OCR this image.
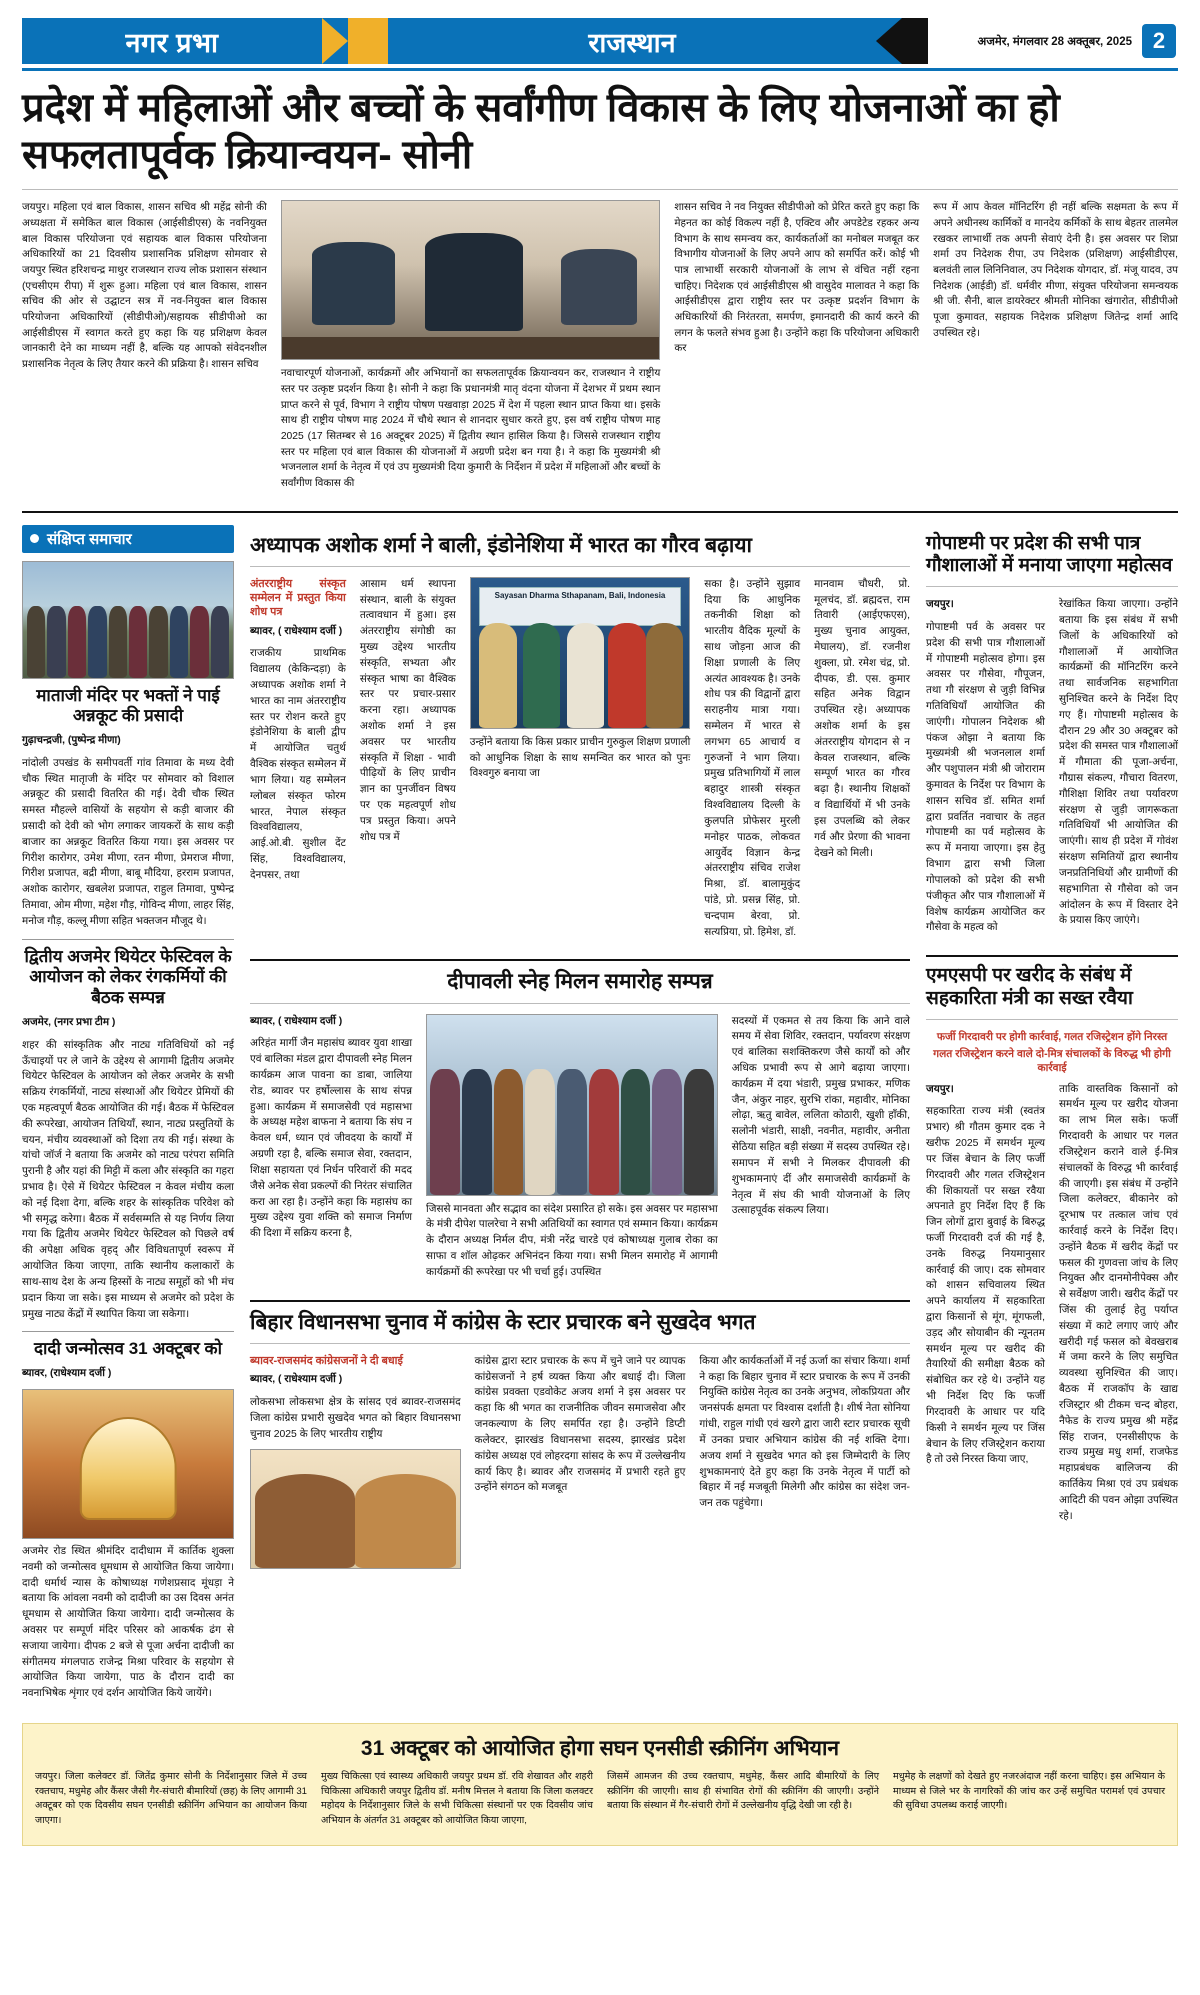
नगर प्रभा	राजस्थान	अजमेर, मंगलवार 28 अक्तूबर, 2025 2
प्रदेश में महिलाओं और बच्चों के सर्वांगीण विकास के लिए योजनाओं का हो सफलतापूर्वक क्रियान्वयन- सोनी

जयपुर। महिला एवं बाल विकास, शासन सचिव श्री महेंद्र सोनी की अध्यक्षता में समेकित बाल विकास (आईसीडीएस) के नवनियुक्त बाल विकास परियोजना एवं सहायक बाल विकास परियोजना अधिकारियों का 21 दिवसीय प्रशासनिक प्रशिक्षण सोमवार से जयपुर स्थित हरिशचन्द्र माथुर राजस्थान राज्य लोक प्रशासन संस्थान (एचसीएम रीपा) में शुरू हुआ। महिला एवं बाल विकास, शासन सचिव की ओर से उद्घाटन सत्र में नव-नियुक्त बाल विकास परियोजना अधिकारियों (सीडीपीओ)/सहायक सीडीपीओ का आईसीडीएस में स्वागत करते हुए कहा कि यह प्रशिक्षण केवल जानकारी देने का माध्यम नहीं है, बल्कि यह आपको संवेदनशील प्रशासनिक नेतृत्व के लिए तैयार करने की प्रक्रिया है। शासन सचिव

नवाचारपूर्ण योजनाओं, कार्यक्रमों और अभियानों का सफलतापूर्वक क्रियान्वयन कर, राजस्थान ने राष्ट्रीय स्तर पर उत्कृष्ट प्रदर्शन किया है। सोनी ने कहा कि प्रधानमंत्री मातृ वंदना योजना में देशभर में प्रथम स्थान प्राप्त करने से पूर्व, विभाग ने राष्ट्रीय पोषण पखवाड़ा 2025 में देश में पहला स्थान प्राप्त किया था। इसके साथ ही राष्ट्रीय पोषण माह 2024 में चौथे स्थान से शानदार सुधार करते हुए, इस वर्ष राष्ट्रीय पोषण माह 2025 (17 सितम्बर से 16 अक्टूबर 2025) में द्वितीय स्थान हासिल किया है। जिससे राजस्थान राष्ट्रीय स्तर पर महिला एवं बाल विकास की योजनाओं में अग्रणी प्रदेश बन गया है। ने कहा कि मुख्यमंत्री श्री भजनलाल शर्मा के नेतृत्व में एवं उप मुख्यमंत्री दिया कुमारी के निर्देशन में प्रदेश में महिलाओं और बच्चों के सर्वांगीण विकास की

शासन सचिव ने नव नियुक्त सीडीपीओ को प्रेरित करते हुए कहा कि मेहनत का कोई विकल्प नहीं है, एक्टिव और अपडेटेड रहकर अन्य विभाग के साथ समन्वय कर, कार्यकर्ताओं का मनोबल मजबूत कर विभागीय योजनाओं के लिए अपने आप को समर्पित करें। कोई भी पात्र लाभार्थी सरकारी योजनाओं के लाभ से वंचित नहीं रहना चाहिए। निदेशक एवं आईसीडीएस श्री वासुदेव मालावत ने कहा कि आईसीडीएस द्वारा राष्ट्रीय स्तर पर उत्कृष्ट प्रदर्शन विभाग के अधिकारियों की निरंतरता, समर्पण, इमानदारी की कार्य करने की लगन के फलते संभव हुआ है। उन्होंने कहा कि परियोजना अधिकारी कर

रूप में आप केवल मॉनिटरिंग ही नहीं बल्कि सक्षमता के रूप में अपने अधीनस्थ कार्मिकों व मानदेय कर्मिकों के साथ बेहतर तालमेल रखकर लाभार्थी तक अपनी सेवाएं देनी है। इस अवसर पर शिप्रा शर्मा उप निदेशक रीपा, उप निदेशक (प्रशिक्षण) आईसीडीएस, बलवंती लाल लिनिनिवाल, उप निदेशक योगदार, डॉ. मंजू यादव, उप निदेशक (आईडी) डॉ. धर्मवीर मीणा, संयुक्त परियोजना समन्वयक श्री जी. सैनी, बाल डायरेक्टर श्रीमती मोनिका खंगारोत, सीडीपीओ पूजा कुमावत, सहायक निदेशक प्रशिक्षण जितेन्द्र शर्मा आदि उपस्थित रहे।

संक्षिप्त समाचार
माताजी मंदिर पर भक्तों ने पाई अन्नकूट की प्रसादी

गुढ़ाचन्द्रजी, (पुष्पेन्द्र मीणा)

नांदोली उपखंड के समीपवर्ती गांव तिमावा के मध्य देवी चौक स्थित मातृाजी के मंदिर पर सोमवार को विशाल अन्नकूट की प्रसादी वितरित की गई। देवी चौक स्थित समस्त मौहल्ले वासियों के सहयोग से कड़ी बाजार की प्रसादी को देवी को भोग लगाकर जायकरों के साथ कड़ी बाजार का अन्नकूट वितरित किया गया। इस अवसर पर गिरीश कारोगर, उमेश मीणा, रतन मीणा, प्रेमराज मीणा, गिरीश प्रजापत, बद्री मीणा, बाबू मौदिया, हरराम प्रजापत, अशोक कारोगर, खबलेश प्रजापत, राहुल तिमावा, पुष्पेन्द्र तिमावा, ओम मीणा, महेश गौड़, गोविन्द मीणा, लाहर सिंह, मनोज गौड़, कल्लू मीणा सहित भक्तजन मौजूद थे।

द्वितीय अजमेर थियेटर फेस्टिवल के आयोजन को लेकर रंगकर्मियों की बैठक सम्पन्न

अजमेर, (नगर प्रभा टीम )

शहर की सांस्कृतिक और नाट्य गतिविधियों को नई ऊँचाइयों पर ले जाने के उद्देश्य से आगामी द्वितीय अजमेर थियेटर फेस्टिवल के आयोजन को लेकर अजमेर के सभी सक्रिय रंगकर्मियों, नाट्य संस्थाओं और थियेटर प्रेमियों की एक महत्वपूर्ण बैठक आयोजित की गई। बैठक में फेस्टिवल की रूपरेखा, आयोजन तिथियाँ, स्थान, नाट्य प्रस्तुतियों के चयन, मंचीय व्यवस्थाओं को दिशा तय की गई। संस्था के यांचो जॉर्ज ने बताया कि अजमेर को नाट्य परंपरा समिति पुरानी है और यहां की मिट्टी में कला और संस्कृति का गहरा प्रभाव है। ऐसे में थियेटर फेस्टिवल न केवल मंचीय कला को नई दिशा देगा, बल्कि शहर के सांस्कृतिक परिवेश को भी समृद्ध करेगा। बैठक में सर्वसम्मति से यह निर्णय लिया गया कि द्वितीय अजमेर थियेटर फेस्टिवल को पिछले वर्ष की अपेक्षा अधिक वृहद् और विविधतापूर्ण स्वरूप में आयोजित किया जाएगा, ताकि स्थानीय कलाकारों के साथ-साथ देश के अन्य हिस्सों के नाट्य समूहों को भी मंच प्रदान किया जा सके। इस माध्यम से अजमेर को प्रदेश के प्रमुख नाट्य केंद्रों में स्थापित किया जा सकेगा।

दादी जन्मोत्सव 31 अक्टूबर को

ब्यावर, (राधेश्याम दर्जी )

अजमेर रोड स्थित श्रीमंदिर दादीधाम में कार्तिक शुक्ला नवमी को जन्मोत्सव धूमधाम से आयोजित किया जायेगा। दादी धर्मार्थ न्यास के कोषाध्यक्ष गणेशप्रसाद मूंधड़ा ने बताया कि आंवला नवमी को दादीजी का उस दिवस अनंत धूमधाम से आयोजित किया जायेगा। दादी जन्मोत्सव के अवसर पर सम्पूर्ण मंदिर परिसर को आकर्षक ढंग से सजाया जायेगा। दीपक 2 बजे से पूजा अर्चना दादीजी का संगीतमय मंगलपाठ राजेन्द्र मिश्रा परिवार के सहयोग से आयोजित किया जायेगा, पाठ के दौरान दादी का नवनाभिषेक शृंगार एवं दर्शन आयोजित किये जायेंगे।

अध्यापक अशोक शर्मा ने बाली, इंडोनेशिया में भारत का गौरव बढ़ाया
अंतरराष्ट्रीय संस्कृत सम्मेलन में प्रस्तुत किया शोध पत्र

ब्यावर, ( राधेश्याम दर्जी )

राजकीय प्राथमिक विद्यालय (केकिन्दड़ा) के अध्यापक अशोक शर्मा ने भारत का नाम अंतरराष्ट्रीय स्तर पर रोशन करते हुए इंडोनेशिया के बाली द्वीप में आयोजित चतुर्थ वैश्विक संस्कृत सम्मेलन में भाग लिया। यह सम्मेलन ग्लोबल संस्कृत फोरम भारत, नेपाल संस्कृत विश्वविद्यालय, आई.ओ.बी. सुशील देंट सिंह, विश्वविद्यालय, देनपसर, तथा

आसाम धर्म स्थापना संस्थान, बाली के संयुक्त तत्वावधान में हुआ। इस अंतरराष्ट्रीय संगोष्ठी का मुख्य उद्देश्य भारतीय संस्कृति, सभ्यता और संस्कृत भाषा का वैश्विक स्तर पर प्रचार-प्रसार करना रहा। अध्यापक अशोक शर्मा ने इस अवसर पर भारतीय संस्कृति में शिक्षा - भावी पीढ़ियों के लिए प्राचीन ज्ञान का पुनर्जीवन विषय पर एक महत्वपूर्ण शोध पत्र प्रस्तुत किया। अपने शोध पत्र में

Sayasan Dharma Sthapanam, Bali, Indonesia

उन्होंने बताया कि किस प्रकार प्राचीन गुरुकुल शिक्षण प्रणाली को आधुनिक शिक्षा के साथ समन्वित कर भारत को पुनः विश्वगुरु बनाया जा

सका है। उन्होंने सुझाव दिया कि आधुनिक तकनीकी शिक्षा को भारतीय वैदिक मूल्यों के साथ जोड़ना आज की शिक्षा प्रणाली के लिए अत्यंत आवश्यक है। उनके शोध पत्र की विद्वानों द्वारा सराहनीय मात्रा गया। सम्मेलन में भारत से लगभग 65 आचार्य व गुरुजनों ने भाग लिया। प्रमुख प्रतिभागियों में लाल बहादुर शास्त्री संस्कृत विश्वविद्यालय दिल्ली के कुलपति प्रोफेसर मुरली मनोहर पाठक, लोकवत आयुर्वेद विज्ञान केन्द्र अंतरराष्ट्रीय संचिव राजेश मिश्रा, डॉ. बालामुकुंद पांडे, प्रो. प्रसन्न सिंह, प्रो. चन्दपाम बेरवा, प्रो. सत्यप्रिया, प्रो. हिमेश, डॉ.

मानवाम चौधरी, प्रो. मूलचंद, डॉ. ब्रह्मदत्त, राम तिवारी (आईएफएस), मुख्य चुनाव आयुक्त, मेघालय), डॉ. रजनीश शुक्ला, प्रो. रमेश चंद्र, प्रो. दीपक, डी. एस. कुमार सहित अनेक विद्वान उपस्थित रहे। अध्यापक अशोक शर्मा के इस अंतरराष्ट्रीय योगदान से न केवल राजस्थान, बल्कि सम्पूर्ण भारत का गौरव बढ़ा है। स्थानीय शिक्षकों व विद्यार्थियों में भी उनके इस उपलब्धि को लेकर गर्व और प्रेरणा की भावना देखने को मिली।

दीपावली स्नेह मिलन समारोह सम्पन्न

ब्यावर, ( राधेश्याम दर्जी )

अरिहंत मार्गी जैन महासंघ ब्यावर युवा शाखा एवं बालिका मंडल द्वारा दीपावली स्नेह मिलन कार्यक्रम आज पावना का डाबा, जालिया रोड, ब्यावर पर हर्षोल्लास के साथ संपन्न हुआ। कार्यक्रम में समाजसेवी एवं महासभा के अध्यक्ष महेश बाफना ने बताया कि संघ न केवल धर्म, ध्यान एवं जीवदया के कार्यों में अग्रणी रहा है, बल्कि समाज सेवा, रक्तदान, शिक्षा सहायता एवं निर्धन परिवारों की मदद जैसे अनेक सेवा प्रकल्पों की निरंतर संचालित करा आ रहा है। उन्होंने कहा कि महासंघ का मुख्य उद्देश्य युवा शक्ति को समाज निर्माण की दिशा में सक्रिय करना है,

जिससे मानवता और सद्भाव का संदेश प्रसारित हो सके। इस अवसर पर महासभा के मंत्री दीपेश पालरेचा ने सभी अतिथियों का स्वागत एवं सम्मान किया। कार्यक्रम के दौरान अध्यक्ष निर्मल दीप, मंत्री नरेंद्र चारडे एवं कोषाध्यक्ष गुलाब रोका का साफा व शॉल ओढ़कर अभिनंदन किया गया। सभी मिलन समारोह में आगामी कार्यक्रमों की रूपरेखा पर भी चर्चा हुई। उपस्थित

सदस्यों में एकमत से तय किया कि आने वाले समय में सेवा शिविर, रक्तदान, पर्यावरण संरक्षण एवं बालिका सशक्तिकरण जैसे कार्यों को और अधिक प्रभावी रूप से आगे बढ़ाया जाएगा। कार्यक्रम में दया भंडारी, प्रमुख प्रभाकर, मणिक जैन, अंकुर नाहर, सुरभि रांका, महावीर, मोनिका लोढ़ा, ऋतु बावेल, ललिता कोठारी, खुशी हाँकी, सलोनी भंडारी, साक्षी, नवनीत, महावीर, अनीता सेठिया सहित बड़ी संख्या में सदस्य उपस्थित रहे। समापन में सभी ने मिलकर दीपावली की शुभकामनाएं दीं और समाजसेवी कार्यक्रमों के नेतृत्व में संघ की भावी योजनाओं के लिए उत्साहपूर्वक संकल्प लिया।

बिहार विधानसभा चुनाव में कांग्रेस के स्टार प्रचारक बने सुखदेव भगत
ब्यावर-राजसमंद कांग्रेसजनों ने दी बधाई

ब्यावर, ( राधेश्याम दर्जी )

लोकसभा लोकसभा क्षेत्र के सांसद एवं ब्यावर-राजसमंद जिला कांग्रेस प्रभारी सुखदेव भगत को बिहार विधानसभा चुनाव 2025 के लिए भारतीय राष्ट्रीय

कांग्रेस द्वारा स्टार प्रचारक के रूप में चुने जाने पर व्यापक कांग्रेसजनों ने हर्ष व्यक्त किया और बधाई दी। जिला कांग्रेस प्रवक्ता एडवोकेट अजय शर्मा ने इस अवसर पर कहा कि श्री भगत का राजनीतिक जीवन समाजसेवा और जनकल्याण के लिए समर्पित रहा है। उन्होंने डिप्टी कलेक्टर, झारखंड विधानसभा सदस्य, झारखंड प्रदेश कांग्रेस अध्यक्ष एवं लोहरदगा सांसद के रूप में उल्लेखनीय कार्य किए है। ब्यावर और राजसमंद में प्रभारी रहते हुए उन्होंने संगठन को मजबूत

किया और कार्यकर्ताओं में नई ऊर्जा का संचार किया। शर्मा ने कहा कि बिहार चुनाव में स्टार प्रचारक के रूप में उनकी नियुक्ति कांग्रेस नेतृत्व का उनके अनुभव, लोकप्रियता और जनसंपर्क क्षमता पर विश्वास दर्शाती है। शीर्ष नेता सोनिया गांधी, राहुल गांधी एवं खरगे द्वारा जारी स्टार प्रचारक सूची में उनका प्रचार अभियान कांग्रेस की नई शक्ति देगा। अजय शर्मा ने सुखदेव भगत को इस जिम्मेदारी के लिए शुभकामनाएं देते हुए कहा कि उनके नेतृत्व में पार्टी को बिहार में नई मजबूती मिलेगी और कांग्रेस का संदेश जन-जन तक पहुंचेगा।

गोपाष्टमी पर प्रदेश की सभी पात्र गौशालाओं में मनाया जाएगा महोत्सव

जयपुर।

गोपाष्टमी पर्व के अवसर पर प्रदेश की सभी पात्र गौशालाओं में गोपाष्टमी महोत्सव होगा। इस अवसर पर गौसेवा, गौपूजन, तथा गौ संरक्षण से जुड़ी विभिन्न गतिविधियाँ आयोजित की जाएंगी। गोपालन निदेशक श्री पंकज ओझा ने बताया कि मुख्यमंत्री श्री भजनलाल शर्मा और पशुपालन मंत्री श्री जोराराम कुमावत के निर्देश पर विभाग के शासन सचिव डॉ. समित शर्मा द्वारा प्रवर्तित नवाचार के तहत गोपाष्टमी का पर्व महोत्सव के रूप में मनाया जाएगा। इस हेतु विभाग द्वारा सभी जिला गोपालको को प्रदेश की सभी पंजीकृत और पात्र गौशालाओं में विशेष कार्यक्रम आयोजित कर गौसेवा के महत्व को

रेखांकित किया जाएगा। उन्होंने बताया कि इस संबंध में सभी जिलों के अधिकारियों को गौशालाओं में आयोजित कार्यक्रमों की मॉनिटरिंग करने तथा सार्वजनिक सहभागिता सुनिश्चित करने के निर्देश दिए गए हैं। गोपाष्टमी महोत्सव के दौरान 29 और 30 अक्टूबर को प्रदेश की समस्त पात्र गौशालाओं में गौमाता की पूजा-अर्चना, गौग्रास संकल्प, गौचारा वितरण, गौशिक्षा शिविर तथा पर्यावरण संरक्षण से जुड़ी जागरूकता गतिविधियाँ भी आयोजित की जाएंगी। साथ ही प्रदेश में गोवंश संरक्षण समितियों द्वारा स्थानीय जनप्रतिनिधियों और ग्रामीणों की सहभागिता से गौसेवा को जन आंदोलन के रूप में विस्तार देने के प्रयास किए जाएंगे।

एमएसपी पर खरीद के संबंध में सहकारिता मंत्री का सख्त रवैया
फर्जी गिरदावरी पर होगी कार्रवाई, गलत रजिस्ट्रेशन होंगे निरस्त
गलत रजिस्ट्रेशन करने वाले दो-मित्र संचालकों के विरुद्ध भी होगी कार्रवाई

जयपुर।

सहकारिता राज्य मंत्री (स्वतंत्र प्रभार) श्री गौतम कुमार दक ने खरीफ 2025 में समर्थन मूल्य पर जिंस बेचान के लिए फर्जी गिरदावरी और गलत रजिस्ट्रेशन की शिकायतों पर सख्त रवैया अपनाते हुए निर्देश दिए हैं कि जिन लोगों द्वारा बुवाई के बिरुद्ध फर्जी गिरदावरी दर्ज की गई है, उनके विरुद्ध नियमानुसार कार्रवाई की जाए। दक सोमवार को शासन सचिवालय स्थित अपने कार्यालय में सहकारिता द्वारा किसानों से मूंग, मूंगफली, उड़द और सोयाबीन की न्यूनतम समर्थन मूल्य पर खरीद की तैयारियों की समीक्षा बैठक को संबोधित कर रहे थे। उन्होंने यह भी निर्देश दिए कि फर्जी गिरदावरी के आधार पर यदि किसी ने समर्थन मूल्य पर जिंस बेचान के लिए रजिस्ट्रेशन कराया है तो उसे निरस्त किया जाए,

ताकि वास्तविक किसानों को समर्थन मूल्य पर खरीद योजना का लाभ मिल सके। फर्जी गिरदावरी के आधार पर गलत रजिस्ट्रेशन कराने वाले ई-मित्र संचालकों के विरुद्ध भी कार्रवाई की जाएगी। इस संबंध में उन्होंने जिला कलेक्टर, बीकानेर को दूरभाष पर तत्काल जांच एवं कार्रवाई करने के निर्देश दिए। उन्होंने बैठक में खरीद केंद्रों पर फसल की गुणवत्ता जांच के लिए नियुक्त और दानमोनीपेक्स और से सर्वेक्षण जारी। खरीद केंद्रों पर जिंस की तुलाई हेतु पर्याप्त संख्या में काटे लगाए जाएं और खरीदी गई फसल को बेवखराब में जमा करने के लिए समुचित व्यवस्था सुनिश्चित की जाए। बैठक में राजकॉप के खाद्य रजिस्ट्रार श्री टीकम चन्द बोहरा, नैफेड के राज्य प्रमुख श्री महेंद्र सिंह राजन, एनसीसीएफ के राज्य प्रमुख मधु शर्मा, राजफेड महाप्रबंधक बालिजन्य की कार्तिकेय मिश्रा एवं उप प्रबंधक आदिटी की पवन ओझा उपस्थित रहे।

31 अक्टूबर को आयोजित होगा सघन एनसीडी स्क्रीनिंग अभियान

जयपुर। जिला कलेक्टर डॉ. जितेंद्र कुमार सोनी के निर्देशानुसार जिले में उच्च रक्तचाप, मधुमेह और कैंसर जैसी गैर-संचारी बीमारियों (छह) के लिए आगामी 31 अक्टूबर को एक दिवसीय सघन एनसीडी स्क्रीनिंग अभियान का आयोजन किया जाएगा।

मुख्य चिकित्सा एवं स्वास्थ्य अधिकारी जयपुर प्रथम डॉ. रवि शेखावत और शहरी चिकित्सा अधिकारी जयपुर द्वितीय डॉ. मनीष मित्तल ने बताया कि जिला कलक्टर महोदय के निर्देशानुसार जिले के सभी चिकित्सा संस्थानों पर एक दिवसीय जांच अभियान के अंतर्गत 31 अक्टूबर को आयोजित किया जाएगा,

जिसमें आमजन की उच्च रक्तचाप, मधुमेह, कैंसर आदि बीमारियों के लिए स्क्रीनिंग की जाएगी। साथ ही संभावित रोगों की स्क्रीनिंग की जाएगी। उन्होंने बताया कि संस्थान में गैर-संचारी रोगों में उल्लेखनीय वृद्धि देखी जा रही है।

मधुमेह के लक्षणों को देखते हुए नजरअंदाज नहीं करना चाहिए। इस अभियान के माध्यम से जिले भर के नागरिकों की जांच कर उन्हें समुचित परामर्श एवं उपचार की सुविधा उपलब्ध कराई जाएगी।
